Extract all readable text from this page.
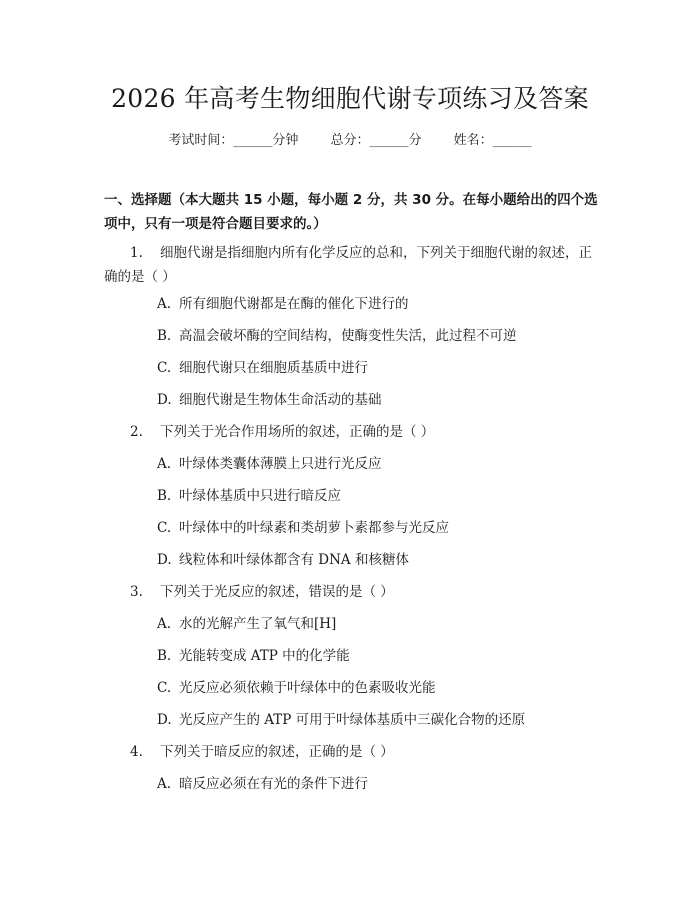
2026 年高考生物细胞代谢专项练习及答案
考试时间：______分钟 总分：______分 姓名：______
一、选择题（本大题共 15 小题，每小题 2 分，共 30 分。在每小题给出的四个选
项中，只有一项是符合题目要求的。）
1. 细胞代谢是指细胞内所有化学反应的总和，下列关于细胞代谢的叙述，正
确的是（ ）
A. 所有细胞代谢都是在酶的催化下进行的
B. 高温会破坏酶的空间结构，使酶变性失活，此过程不可逆
C. 细胞代谢只在细胞质基质中进行
D. 细胞代谢是生物体生命活动的基础
2. 下列关于光合作用场所的叙述，正确的是（ ）
A. 叶绿体类囊体薄膜上只进行光反应
B. 叶绿体基质中只进行暗反应
C. 叶绿体中的叶绿素和类胡萝卜素都参与光反应
D. 线粒体和叶绿体都含有 DNA 和核糖体
3. 下列关于光反应的叙述，错误的是（ ）
A. 水的光解产生了氧气和[H]
B. 光能转变成 ATP 中的化学能
C. 光反应必须依赖于叶绿体中的色素吸收光能
D. 光反应产生的 ATP 可用于叶绿体基质中三碳化合物的还原
4. 下列关于暗反应的叙述，正确的是（ ）
A. 暗反应必须在有光的条件下进行
